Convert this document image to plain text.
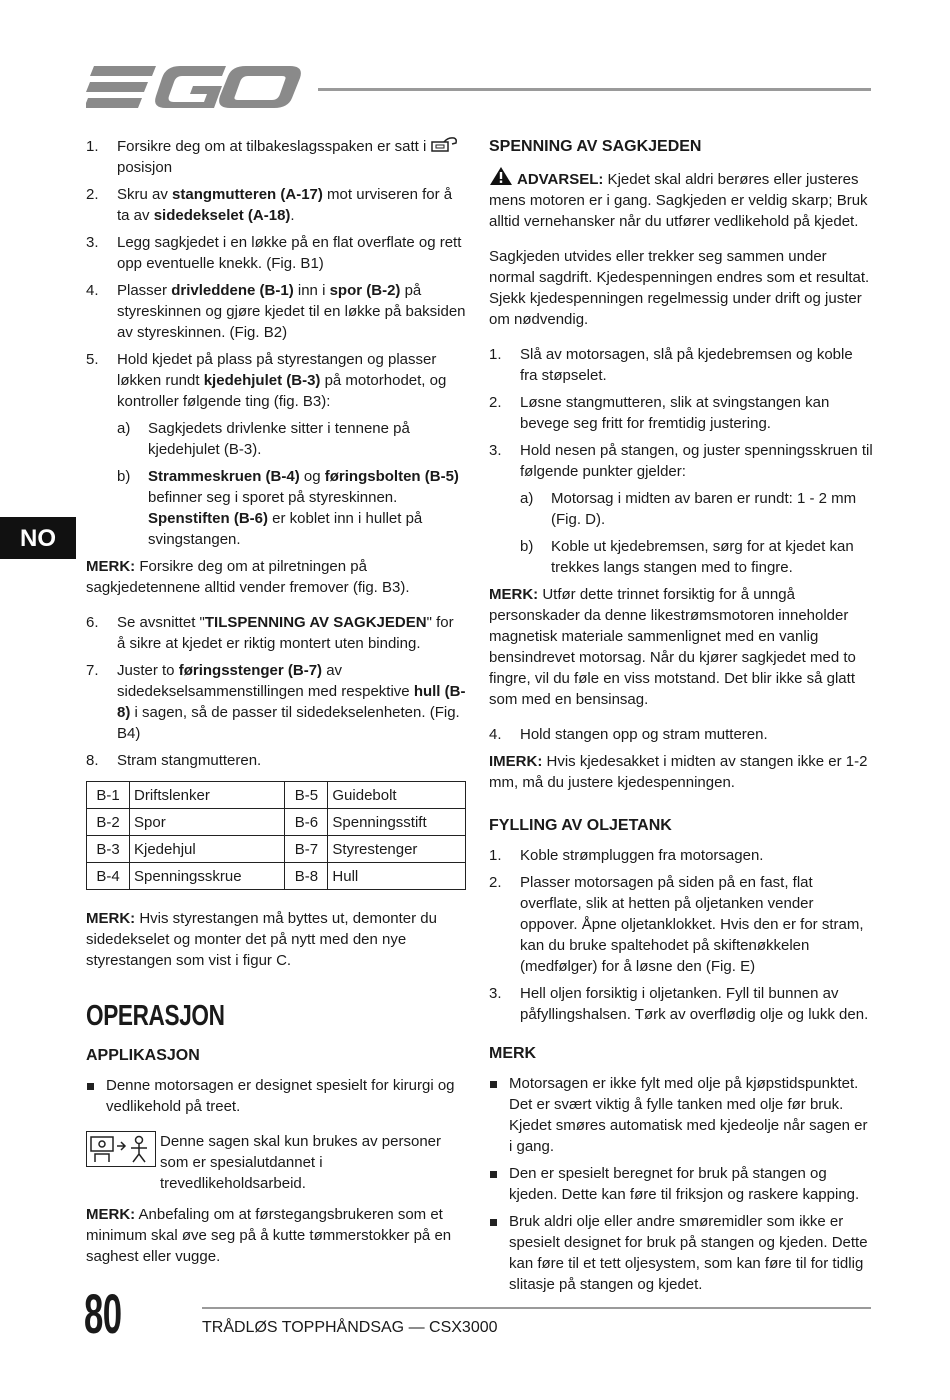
NO
1. Forsikre deg om at tilbakeslagsspaken er satt i  posisjon
2. Skru av stangmutteren (A-17) mot urviseren for å ta av sidedekselet (A-18).
3. Legg sagkjedet i en løkke på en flat overflate og rett opp eventuelle knekk. (Fig. B1)
4. Plasser drivleddene (B-1) inn i spor (B-2) på styreskinnen og gjøre kjedet til en løkke på baksiden av styreskinnen. (Fig. B2)
5. Hold kjedet på plass på styrestangen og plasser løkken rundt kjedehjulet (B-3) på motorhodet, og kontroller følgende ting (fig. B3):
a) Sagkjedets drivlenke sitter i tennene på kjedehjulet (B-3).
b) Strammeskruen (B-4) og føringsbolten (B-5) befinner seg i sporet på styreskinnen. Spenstiften (B-6) er koblet inn i hullet på svingstangen.

MERK: Forsikre deg om at pilretningen på sagkjedetennene alltid vender fremover (fig. B3).

6. Se avsnittet "TILSPENNING AV SAGKJEDEN" for å sikre at kjedet er riktig montert uten binding.
7. Juster to føringsstenger (B-7) av sidedekselsammenstillingen med respektive hull (B-8) i sagen, så de passer til sidedekselenheten. (Fig. B4)
8. Stram stangmutteren.
B-1	Driftslenker	B-5	Guidebolt
B-2	Spor	B-6	Spenningsstift
B-3	Kjedehjul	B-7	Styrestenger
B-4	Spenningsskrue	B-8	Hull

MERK: Hvis styrestangen må byttes ut, demonter du sidedekselet og monter det på nytt med den nye styrestangen som vist i figur C.

OPERASJON
APPLIKASJON
Denne motorsagen er designet spesielt for kirurgi og vedlikehold på treet.
Denne sagen skal kun brukes av personer som er spesialutdannet i trevedlikeholdsarbeid.

MERK: Anbefaling om at førstegangsbrukeren som et minimum skal øve seg på å kutte tømmerstokker på en saghest eller vugge.

SPENNING AV SAGKJEDEN

ADVARSEL: Kjedet skal aldri berøres eller justeres mens motoren er i gang. Sagkjeden er veldig skarp; Bruk alltid vernehansker når du utfører vedlikehold på kjedet.

Sagkjeden utvides eller trekker seg sammen under normal sagdrift. Kjedespenningen endres som et resultat. Sjekk kjedespenningen regelmessig under drift og juster om nødvendig.

1. Slå av motorsagen, slå på kjedebremsen og koble fra støpselet.
2. Løsne stangmutteren, slik at svingstangen kan bevege seg fritt for fremtidig justering.
3. Hold nesen på stangen, og juster spenningsskruen til følgende punkter gjelder:
a) Motorsag i midten av baren er rundt: 1 - 2 mm (Fig. D).
b) Koble ut kjedebremsen, sørg for at kjedet kan trekkes langs stangen med to fingre.

MERK: Utfør dette trinnet forsiktig for å unngå personskader da denne likestrømsmotoren inneholder magnetisk materiale sammenlignet med en vanlig bensindrevet motorsag. Når du kjører sagkjedet med to fingre, vil du føle en viss motstand. Det blir ikke så glatt som med en bensinsag.

4. Hold stangen opp og stram mutteren.

IMERK: Hvis kjedesakket i midten av stangen ikke er 1-2 mm, må du justere kjedespenningen.

FYLLING AV OLJETANK
1. Koble strømpluggen fra motorsagen.
2. Plasser motorsagen på siden på en fast, flat overflate, slik at hetten på oljetanken vender oppover. Åpne oljetanklokket. Hvis den er for stram, kan du bruke spaltehodet på skiftenøkkelen (medfølger) for å løsne den (Fig. E)
3. Hell oljen forsiktig i oljetanken. Fyll til bunnen av påfyllingshalsen. Tørk av overflødig olje og lukk den.
MERK
Motorsagen er ikke fylt med olje på kjøpstidspunktet. Det er svært viktig å fylle tanken med olje før bruk. Kjedet smøres automatisk med kjedeolje når sagen er i gang.
Den er spesielt beregnet for bruk på stangen og kjeden. Dette kan føre til friksjon og raskere kapping.
Bruk aldri olje eller andre smøremidler som ikke er spesielt designet for bruk på stangen og kjeden. Dette kan føre til et tett oljesystem, som kan føre til for tidlig slitasje på stangen og kjedet.
80	TRÅDLØS TOPPHÅNDSAG — CSX3000
